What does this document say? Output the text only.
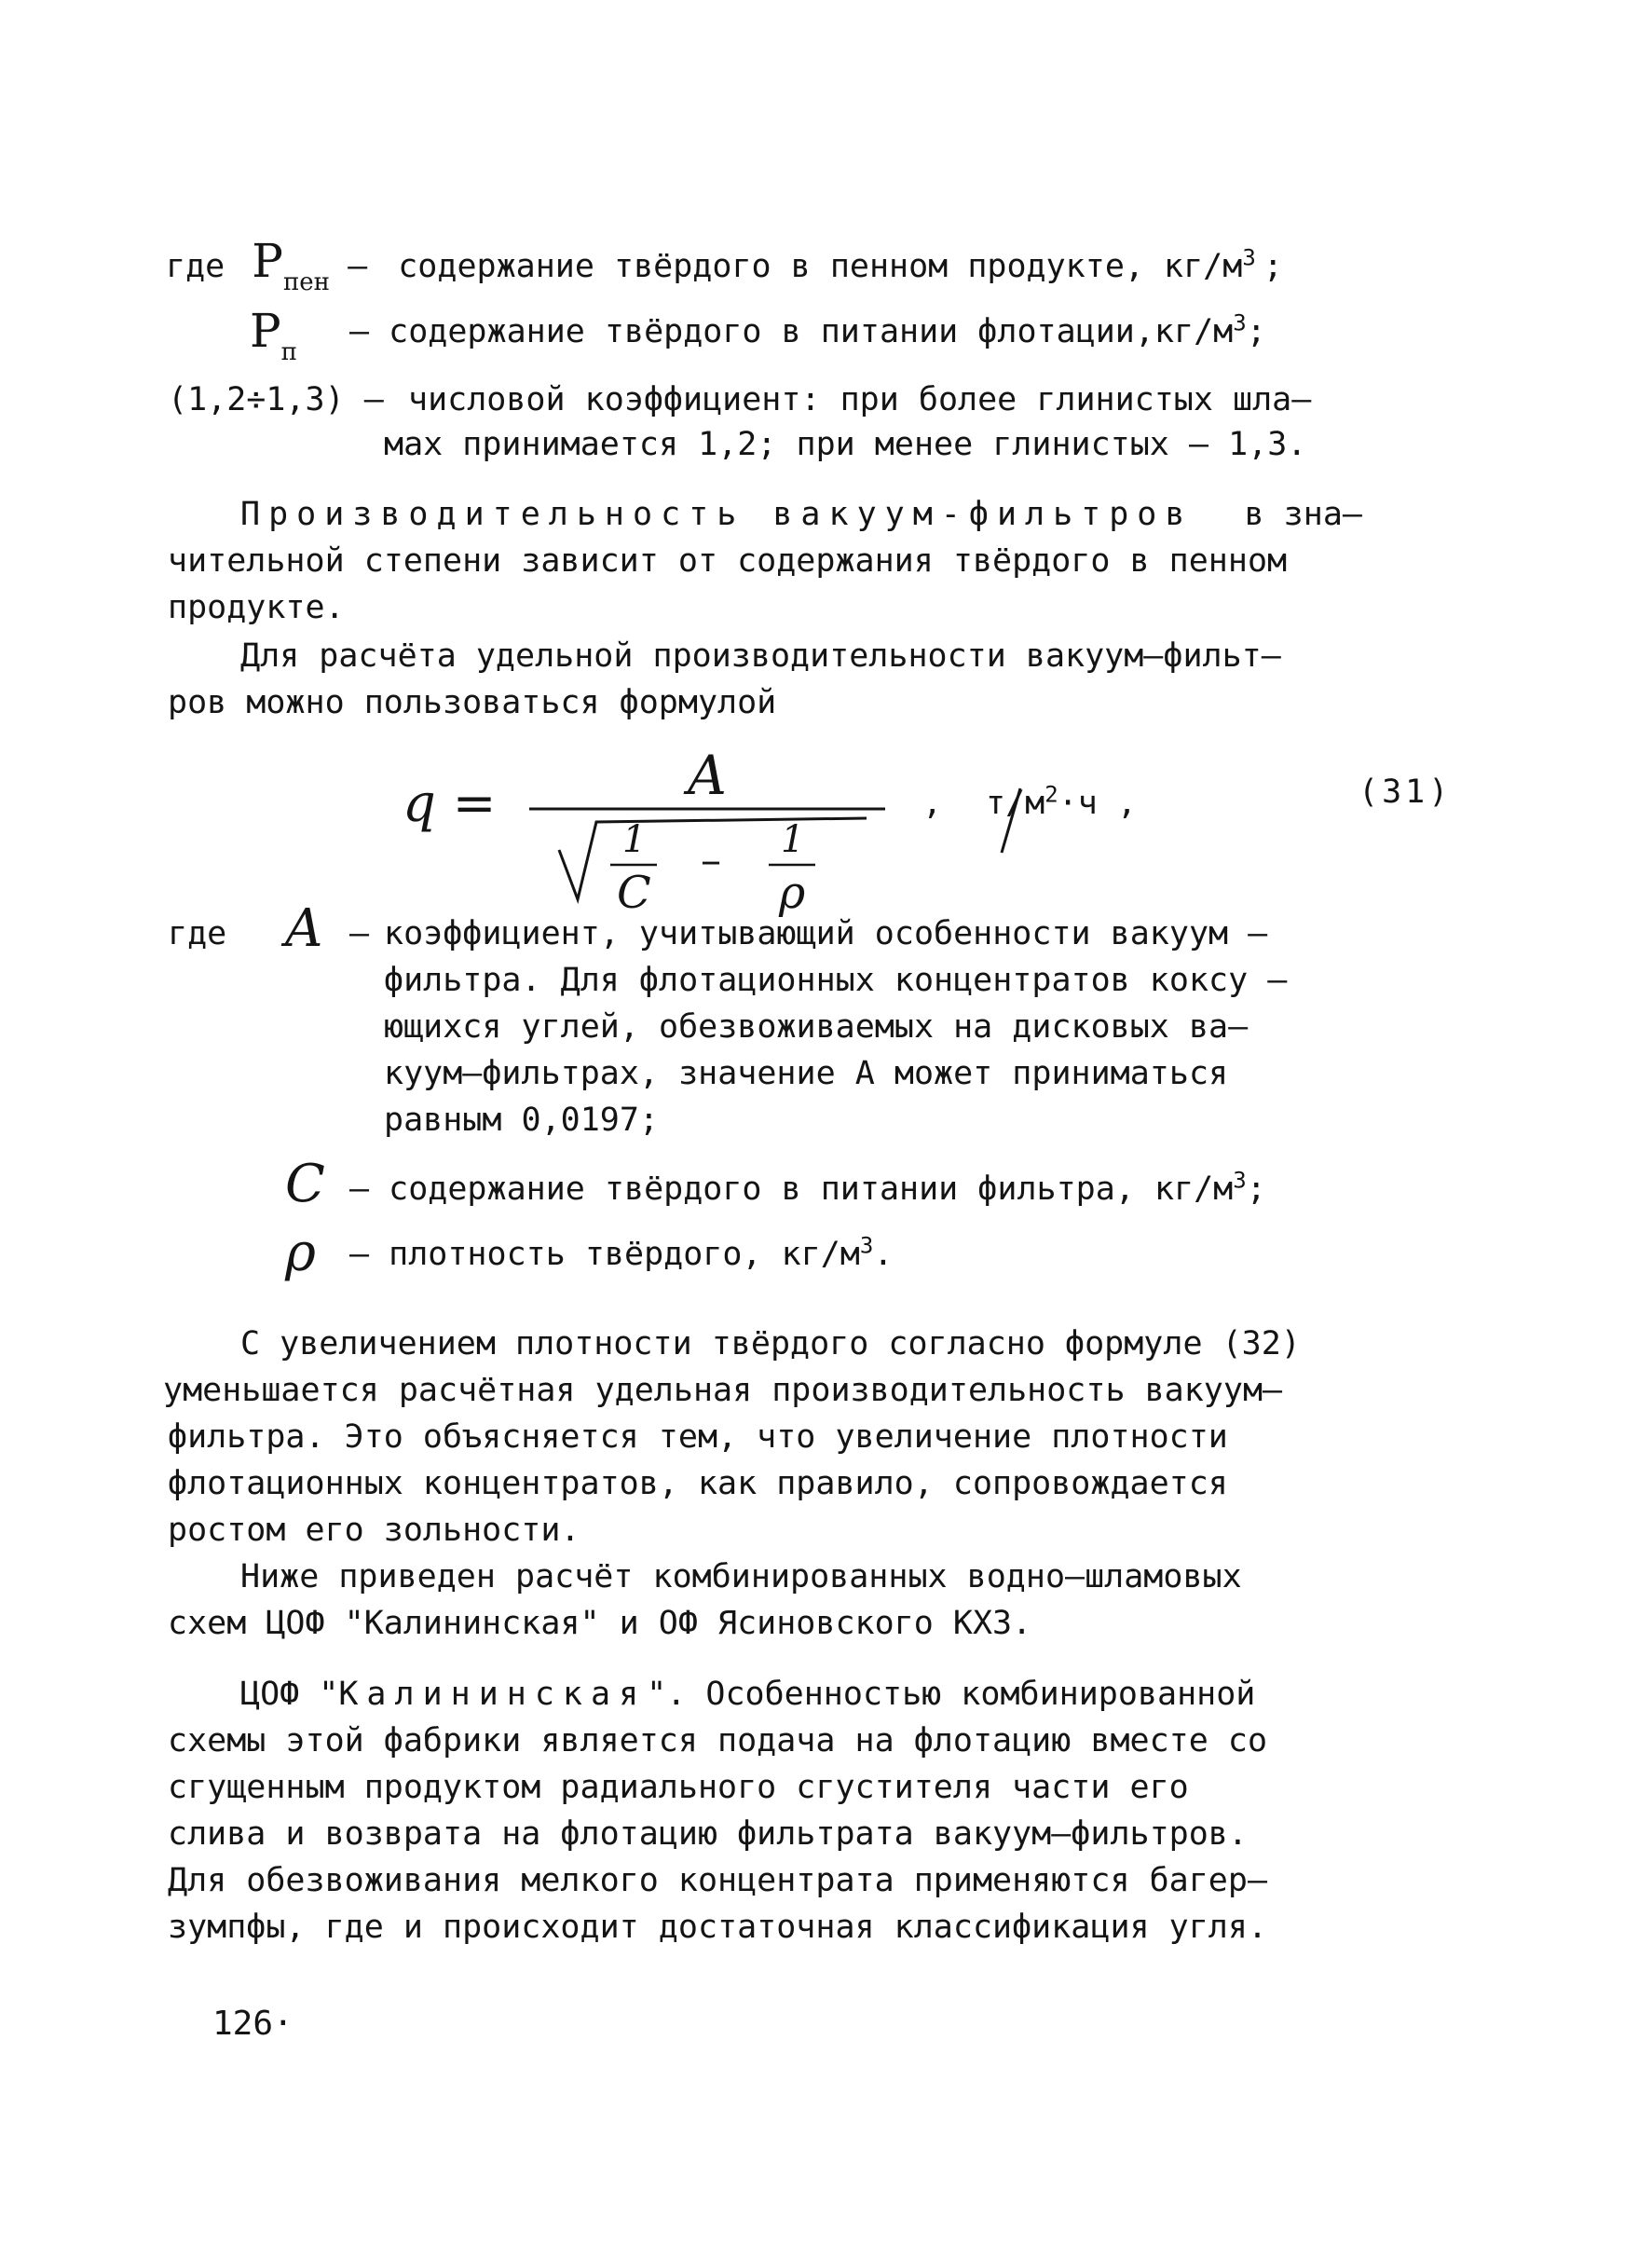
где $P_{пен}$ – содержание твёрдого в пенном продукте, $кг/м^3$ ;
$P_п$
– содержание твёрдого в питании $флотации,кг/м^3$;
(1,2÷1,3) – числовой коэффициент: при более глинистых шла–
мах принимается 1,2; при менее глинистых – 1,3.
Производительность вакуум-фильтров в зна–
чительной степени зависит от содержания твёрдого в пенном
продукте.
Для расчёта удельной производительности вакуум–фильт–
ров можно пользоваться формулой
q =	A
1
C
– 1
ρ
, $т/м^2\cdot ч$ ,	(31)
где A – коэффициент, учитывающий особенности вакуум –
фильтра. Для флотационных концентратов коксу –
ющихся углей, обезвоживаемых на дисковых ва–
куум–фильтрах, значение A может приниматься
равным 0,0197;
C – содержание твёрдого в питании фильтра, $кг/м^3$;
ρ – плотность твёрдого, $кг/м^3$.
С увеличением плотности твёрдого согласно формуле (32)
уменьшается расчётная удельная производительность вакуум–
фильтра. Это объясняется тем, что увеличение плотности
флотационных концентратов, как правило, сопровождается
ростом его зольности.
Ниже приведен расчёт комбинированных водно–шламовых
схем ЦОФ "Калининская" и ОФ Ясиновского КХЗ.
ЦОФ "Калининская". Особенностью комбинированной
схемы этой фабрики является подача на флотацию вместе со
сгущенным продуктом радиального сгустителя части его
слива и возврата на флотацию фильтрата вакуум–фильтров.
Для обезвоживания мелкого концентрата применяются багер–
зумпфы, где и происходит достаточная классификация угля.
126·
